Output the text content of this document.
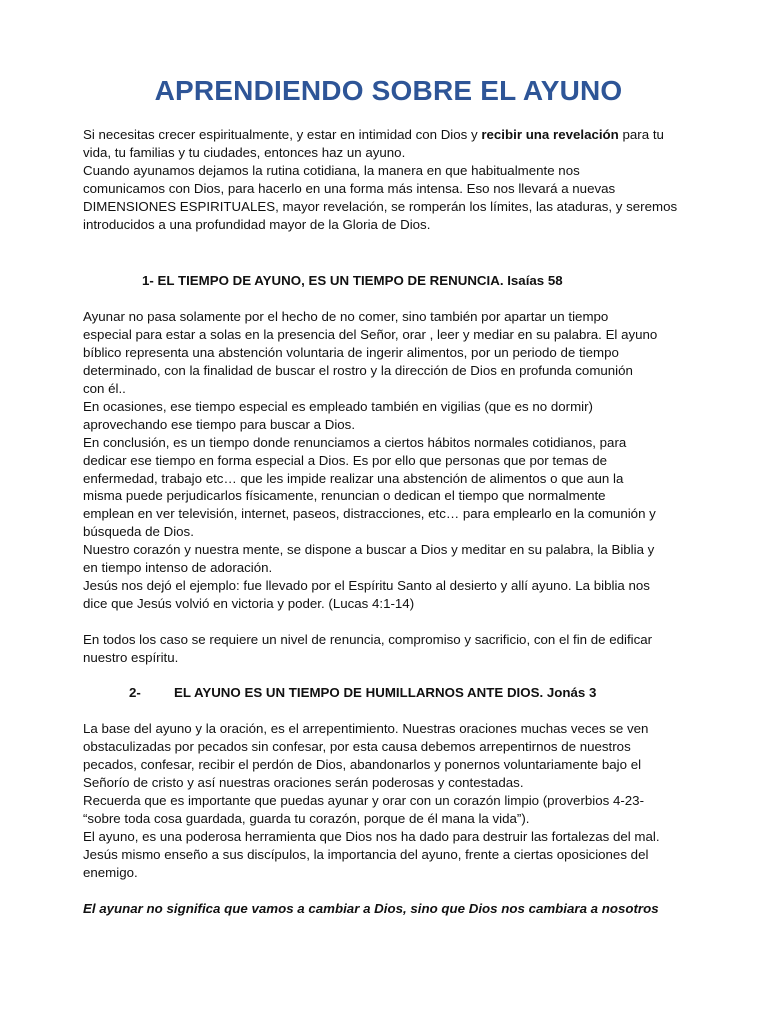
APRENDIENDO SOBRE EL AYUNO
Si necesitas crecer espiritualmente, y estar en intimidad con Dios y recibir una revelación para tu
vida, tu familias y tu ciudades, entonces haz un ayuno.
Cuando ayunamos dejamos la rutina cotidiana, la manera en que habitualmente nos
comunicamos con Dios, para hacerlo en una forma más intensa. Eso nos llevará a nuevas
DIMENSIONES ESPIRITUALES, mayor revelación, se romperán los límites, las ataduras, y seremos
introducidos a una profundidad mayor de la Gloria de Dios.
1- EL TIEMPO DE AYUNO, ES UN TIEMPO DE RENUNCIA. Isaías 58
Ayunar no pasa solamente por el hecho de no comer, sino también por apartar un tiempo
especial para estar a solas en la presencia del Señor, orar , leer y mediar en su palabra. El ayuno
bíblico representa una abstención voluntaria de ingerir alimentos, por un periodo de tiempo
determinado, con la finalidad de buscar el rostro y la dirección de Dios en profunda comunión
con él..
En ocasiones, ese tiempo especial es empleado también en vigilias (que es no dormir)
aprovechando ese tiempo para buscar a Dios.
En conclusión, es un tiempo donde renunciamos a ciertos hábitos normales cotidianos, para
dedicar ese tiempo en forma especial a Dios. Es por ello que personas que por temas de
enfermedad, trabajo etc… que les impide realizar una abstención de alimentos o que aun la
misma puede perjudicarlos físicamente, renuncian o dedican el tiempo que normalmente
emplean en ver televisión, internet, paseos, distracciones, etc… para emplearlo en la comunión y
búsqueda de Dios.
Nuestro corazón y nuestra mente, se dispone a buscar a Dios y meditar en su palabra, la Biblia y
en tiempo intenso de adoración.
Jesús nos dejó el ejemplo: fue llevado por el Espíritu Santo al desierto y allí ayuno. La biblia nos
dice que Jesús volvió en victoria y poder. (Lucas 4:1-14)
En todos los caso se requiere un nivel de renuncia, compromiso y sacrificio, con el fin de edificar
nuestro espíritu.
2-	EL AYUNO ES UN TIEMPO DE HUMILLARNOS ANTE DIOS. Jonás 3
La base del ayuno y la oración, es el arrepentimiento. Nuestras oraciones muchas veces se ven
obstaculizadas por pecados sin confesar, por esta causa debemos arrepentirnos de nuestros
pecados, confesar, recibir el perdón de Dios, abandonarlos y ponernos voluntariamente bajo el
Señorío de cristo y así nuestras oraciones serán poderosas y contestadas.
Recuerda que es importante que puedas ayunar y orar con un corazón limpio (proverbios 4-23-
“sobre toda cosa guardada, guarda tu corazón, porque de él mana la vida”).
El ayuno, es una poderosa herramienta que Dios nos ha dado para destruir las fortalezas del mal.
Jesús mismo enseño a sus discípulos, la importancia del ayuno, frente a ciertas oposiciones del
enemigo.
El ayunar no significa que vamos a cambiar a Dios, sino que Dios nos cambiara a nosotros
